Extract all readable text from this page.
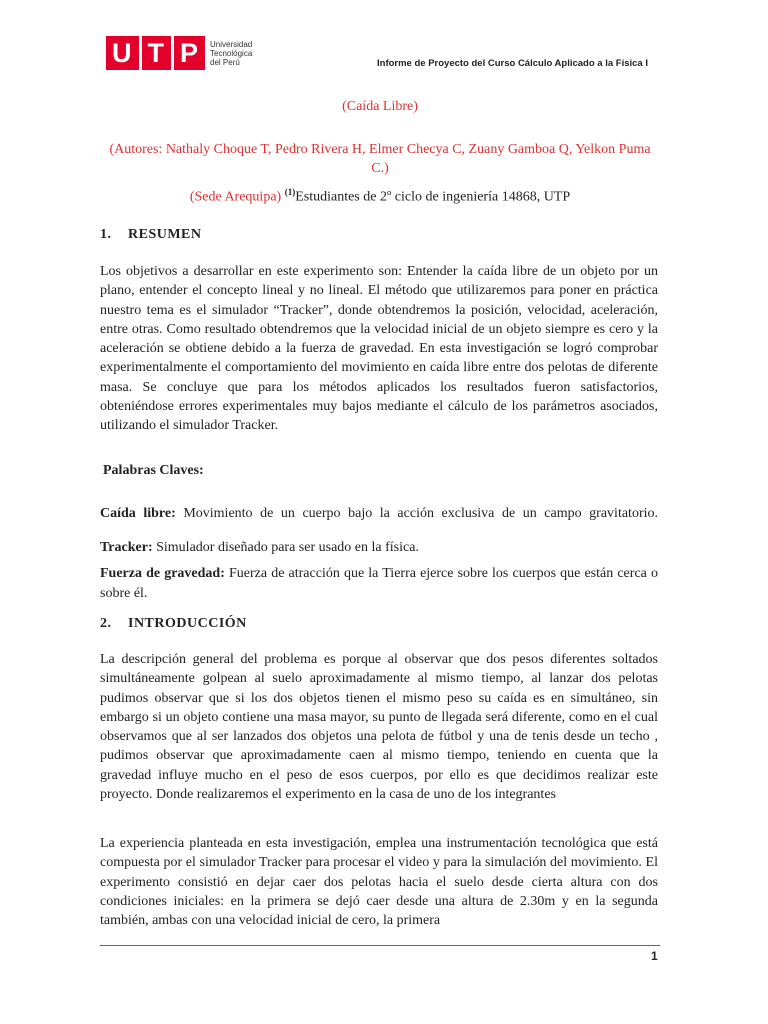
U T P Universidad
Tecnológica
del Perú	Informe de Proyecto del Curso Cálculo Aplicado a la Física I
(Caída Libre)
(Autores: Nathaly Choque T, Pedro Rivera H, Elmer Checya C, Zuany Gamboa Q, Yelkon Puma C.)
(Sede Arequipa) $^{(1)}$Estudiantes de 2º ciclo de ingeniería 14868, UTP
1. RESUMEN

Los objetivos a desarrollar en este experimento son: Entender la caída libre de un objeto por un plano, entender el concepto lineal y no lineal. El método que utilizaremos para poner en práctica nuestro tema es el simulador “Tracker”, donde obtendremos la posición, velocidad, aceleración, entre otras. Como resultado obtendremos que la velocidad inicial de un objeto siempre es cero y la aceleración se obtiene debido a la fuerza de gravedad. En esta investigación se logró comprobar experimentalmente el comportamiento del movimiento en caída libre entre dos pelotas de diferente masa. Se concluye que para los métodos aplicados los resultados fueron satisfactorios, obteniéndose errores experimentales muy bajos mediante el cálculo de los parámetros asociados, utilizando el simulador Tracker.

Palabras Claves:

Caída libre: Movimiento de un cuerpo bajo la acción exclusiva de un campo gravitatorio. Tracker: Simulador diseñado para ser usado en la física.

Fuerza de gravedad: Fuerza de atracción que la Tierra ejerce sobre los cuerpos que están cerca o sobre él.

2. INTRODUCCIÓN

La descripción general del problema es porque al observar que dos pesos diferentes soltados simultáneamente golpean al suelo aproximadamente al mismo tiempo, al lanzar dos pelotas pudimos observar que si los dos objetos tienen el mismo peso su caída es en simultáneo, sin embargo si un objeto contiene una masa mayor, su punto de llegada será diferente, como en el cual observamos que al ser lanzados dos objetos una pelota de fútbol y una de tenis desde un techo , pudimos observar que aproximadamente caen al mismo tiempo, teniendo en cuenta que la gravedad influye mucho en el peso de esos cuerpos, por ello es que decidimos realizar este proyecto. Donde realizaremos el experimento en la casa de uno de los integrantes

La experiencia planteada en esta investigación, emplea una instrumentación tecnológica que está compuesta por el simulador Tracker para procesar el video y para la simulación del movimiento. El experimento consistió en dejar caer dos pelotas hacia el suelo desde cierta altura con dos condiciones iniciales: en la primera se dejó caer desde una altura de 2.30m y en la segunda también, ambas con una velocidad inicial de cero, la primera

1
